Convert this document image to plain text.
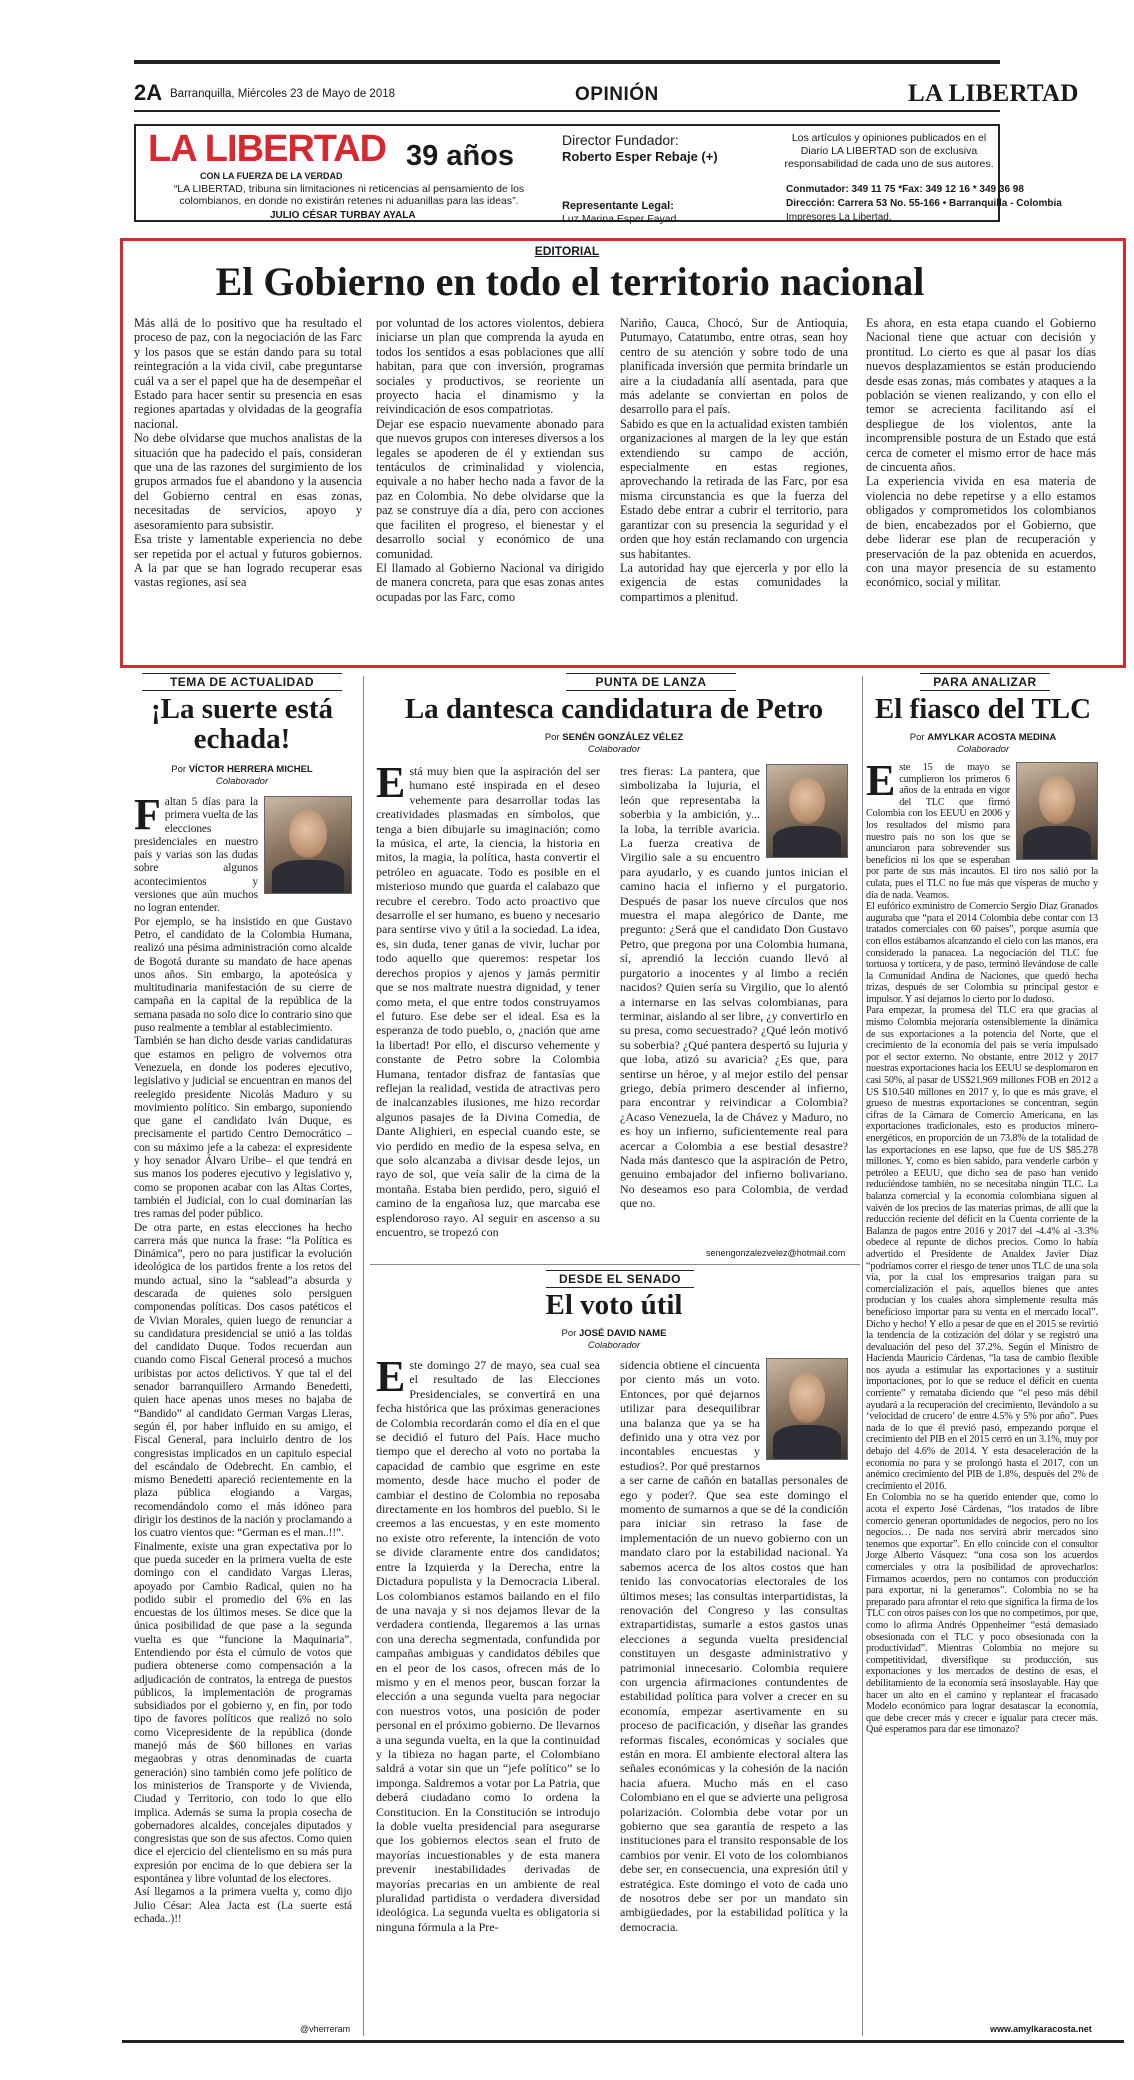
2A Barranquilla, Miércoles 23 de Mayo de 2018	OPINIÓN	LA LIBERTAD
LA LIBERTAD 39 años
CON LA FUERZA DE LA VERDAD
“LA LIBERTAD, tribuna sin limitaciones ni reticencias al pensamiento de los colombianos, en donde no existirán retenes ni aduanillas para las ideas”.
JULIO CÉSAR TURBAY AYALA
Director Fundador:
Roberto Esper Rebaje (+)
Representante Legal:
Luz Marina Esper Fayad
Los artículos y opiniones publicados en el Diario LA LIBERTAD son de exclusiva responsabilidad de cada uno de sus autores.
Conmutador: 349 11 75 *Fax: 349 12 16 * 349 36 98
Dirección: Carrera 53 No. 55-166 • Barranquilla - Colombia
Impresores La Libertad.
EDITORIAL
El Gobierno en todo el territorio nacional

Más allá de lo positivo que ha resultado el proceso de paz, con la negociación de las Farc y los pasos que se están dando para su total reintegración a la vida civil, cabe preguntarse cuál va a ser el papel que ha de desempeñar el Estado para hacer sentir su presencia en esas regiones apartadas y olvidadas de la geografía nacional.

No debe olvidarse que muchos analistas de la situación que ha padecido el país, consideran que una de las razones del surgimiento de los grupos armados fue el abandono y la ausencia del Gobierno central en esas zonas, necesitadas de servicios, apoyo y asesoramiento para subsistir.

Esa triste y lamentable experiencia no debe ser repetida por el actual y futuros gobiernos. A la par que se han logrado recuperar esas vastas regiones, así sea

por voluntad de los actores violentos, debiera iniciarse un plan que comprenda la ayuda en todos los sentidos a esas poblaciones que allí habitan, para que con inversión, programas sociales y productivos, se reoriente un proyecto hacia el dinamismo y la reivindicación de esos compatriotas.

Dejar ese espacio nuevamente abonado para que nuevos grupos con intereses diversos a los legales se apoderen de él y extiendan sus tentáculos de criminalidad y violencia, equivale a no haber hecho nada a favor de la paz en Colombia. No debe olvidarse que la paz se construye día a día, pero con acciones que faciliten el progreso, el bienestar y el desarrollo social y económico de una comunidad.

El llamado al Gobierno Nacional va dirigido de manera concreta, para que esas zonas antes ocupadas por las Farc, como

Nariño, Cauca, Chocó, Sur de Antioquia, Putumayo, Catatumbo, entre otras, sean hoy centro de su atención y sobre todo de una planificada inversión que permita brindarle un aire a la ciudadanía allí asentada, para que más adelante se conviertan en polos de desarrollo para el país.

Sabido es que en la actualidad existen también organizaciones al margen de la ley que están extendiendo su campo de acción, especialmente en estas regiones, aprovechando la retirada de las Farc, por esa misma circunstancia es que la fuerza del Estado debe entrar a cubrir el territorio, para garantizar con su presencia la seguridad y el orden que hoy están reclamando con urgencia sus habitantes.

La autoridad hay que ejercerla y por ello la exigencia de estas comunidades la compartimos a plenitud.

Es ahora, en esta etapa cuando el Gobierno Nacional tiene que actuar con decisión y prontitud. Lo cierto es que al pasar los días nuevos desplazamientos se están produciendo desde esas zonas, más combates y ataques a la población se vienen realizando, y con ello el temor se acrecienta facilitando así el despliegue de los violentos, ante la incomprensible postura de un Estado que está cerca de cometer el mismo error de hace más de cincuenta años.

La experiencia vivida en esa materia de violencia no debe repetirse y a ello estamos obligados y comprometidos los colombianos de bien, encabezados por el Gobierno, que debe liderar ese plan de recuperación y preservación de la paz obtenida en acuerdos, con una mayor presencia de su estamento económico, social y militar.

TEMA DE ACTUALIDAD
¡La suerte está echada!
Por VÍCTOR HERRERA MICHEL
Colaborador

Faltan 5 días para la primera vuelta de las elecciones presidenciales en nuestro país y varias son las dudas sobre algunos acontecimientos y versiones que aún muchos no logran entender.

Por ejemplo, se ha insistido en que Gustavo Petro, el candidato de la Colombia Humana, realizó una pésima administración como alcalde de Bogotá durante su mandato de hace apenas unos años. Sin embargo, la apoteósica y multitudinaria manifestación de su cierre de campaña en la capital de la república de la semana pasada no solo dice lo contrario sino que puso realmente a temblar al establecimiento.

También se han dicho desde varias candidaturas que estamos en peligro de volvernos otra Venezuela, en donde los poderes ejecutivo, legislativo y judicial se encuentran en manos del reelegido presidente Nicolás Maduro y su movimiento político. Sin embargo, suponiendo que gane el candidato Iván Duque, es precisamente el partido Centro Democrático –con su máximo jefe a la cabeza: el expresidente y hoy senador Álvaro Uribe– el que tendrá en sus manos los poderes ejecutivo y legislativo y, como se proponen acabar con las Altas Cortes, también el Judicial, con lo cual dominarían las tres ramas del poder público.

De otra parte, en estas elecciones ha hecho carrera más que nunca la frase: “la Política es Dinámica”, pero no para justificar la evolución ideológica de los partidos frente a los retos del mundo actual, sino la “sablead”a absurda y descarada de quienes solo persiguen componendas políticas. Dos casos patéticos el de Vivian Morales, quien luego de renunciar a su candidatura presidencial se unió a las toldas del candidato Duque. Todos recuerdan aun cuando como Fiscal General procesó a muchos uribistas por actos delictivos. Y que tal el del senador barranquillero Armando Benedetti, quien hace apenas unos meses no bajaba de “Bandido” al candidato German Vargas Lleras, según él, por haber influido en su amigo, el Fiscal General, para incluirlo dentro de los congresistas implicados en un capitulo especial del escándalo de Odebrecht. En cambio, el mismo Benedetti apareció recientemente en la plaza pública elogiando a Vargas, recomendándolo como el más idóneo para dirigir los destinos de la nación y proclamando a los cuatro vientos que: “German es el man..!!”.

Finalmente, existe una gran expectativa por lo que pueda suceder en la primera vuelta de este domingo con el candidato Vargas Lleras, apoyado por Cambio Radical, quien no ha podido subir el promedio del 6% en las encuestas de los últimos meses. Se dice que la única posibilidad de que pase a la segunda vuelta es que “funcione la Maquinaria”. Entendiendo por ésta el cúmulo de votos que pudiera obtenerse como compensación a la adjudicación de contratos, la entrega de puestos públicos, la implementación de programas subsidiados por el gobierno y, en fin, por todo tipo de favores políticos que realizó no solo como Vicepresidente de la república (donde manejó más de $60 billones en varias megaobras y otras denominadas de cuarta generación) sino también como jefe político de los ministerios de Transporte y de Vivienda, Ciudad y Territorio, con todo lo que ello implica. Además se suma la propia cosecha de gobernadores alcaldes, concejales diputados y congresistas que son de sus afectos. Como quien dice el ejercicio del clientelismo en su más pura expresión por encima de lo que debiera ser la espontánea y libre voluntad de los electores.

Así llegamos a la primera vuelta y, como dijo Julio César: Alea Jacta est (La suerte está echada..)!!

@vherreram
PUNTA DE LANZA
La dantesca candidatura de Petro
Por SENÉN GONZÁLEZ VÉLEZ
Colaborador

Está muy bien que la aspiración del ser humano esté inspirada en el deseo vehemente para desarrollar todas las creatividades plasmadas en símbolos, que tenga a bien dibujarle su imaginación; como la música, el arte, la ciencia, la historia en mitos, la magia, la política, hasta convertir el petróleo en aguacate. Todo es posible en el misterioso mundo que guarda el calabazo que recubre el cerebro. Todo acto proactivo que desarrolle el ser humano, es bueno y necesario para sentirse vivo y útil a la sociedad. La idea, es, sin duda, tener ganas de vivir, luchar por todo aquello que queremos: respetar los derechos propios y ajenos y jamás permitir que se nos maltrate nuestra dignidad, y tener como meta, el que entre todos construyamos el futuro. Ese debe ser el ideal. Esa es la esperanza de todo pueblo, o, ¿nación que ame la libertad! Por ello, el discurso vehemente y constante de Petro sobre la Colombia Humana, tentador disfraz de fantasías que reflejan la realidad, vestida de atractivas pero de inalcanzables ilusiones, me hizo recordar algunos pasajes de la Divina Comedia, de Dante Alighieri, en especial cuando este, se vio perdido en medio de la espesa selva, en que solo alcanzaba a divisar desde lejos, un rayo de sol, que veía salir de la cima de la montaña. Estaba bien perdido, pero, siguió el camino de la engañosa luz, que marcaba ese esplendoroso rayo. Al seguir en ascenso a su encuentro, se tropezó con

tres fieras: La pantera, que simbolizaba la lujuria, el león que representaba la soberbia y la ambición, y... la loba, la terrible avaricia. La fuerza creativa de Virgilio sale a su encuentro para ayudarlo, y es cuando juntos inician el camino hacia el infierno y el purgatorio. Después de pasar los nueve círculos que nos muestra el mapa alegórico de Dante, me pregunto: ¿Será que el candidato Don Gustavo Petro, que pregona por una Colombia humana, sí, aprendió la lección cuando llevó al purgatorio a inocentes y al limbo a recién nacidos? Quien sería su Virgilio, que lo alentó a internarse en las selvas colombianas, para terminar, aislando al ser libre, ¿y convertirlo en su presa, como secuestrado? ¿Qué león motivó su soberbia? ¿Qué pantera despertó su lujuria y que loba, atizó su avaricia? ¿Es que, para sentirse un héroe, y al mejor estilo del pensar griego, debía primero descender al infierno, para encontrar y reivindicar a Colombia? ¿Acaso Venezuela, la de Chávez y Maduro, no es hoy un infierno, suficientemente real para acercar a Colombia a ese bestial desastre? Nada más dantesco que la aspiración de Petro, genuino embajador del infierno bolivariano. No deseamos eso para Colombia, de verdad que no.

senengonzalezvelez@hotmail.com
DESDE EL SENADO
El voto útil
Por JOSÉ DAVID NAME
Colaborador

Este domingo 27 de mayo, sea cual sea el resultado de las Elecciones Presidenciales, se convertirá en una fecha histórica que las próximas generaciones de Colombia recordarán como el día en el que se decidió el futuro del País. Hace mucho tiempo que el derecho al voto no portaba la capacidad de cambio que esgrime en este momento, desde hace mucho el poder de cambiar el destino de Colombia no reposaba directamente en los hombros del pueblo. Si le creemos a las encuestas, y en este momento no existe otro referente, la intención de voto se divide claramente entre dos candidatos; entre la Izquierda y la Derecha, entre la Dictadura populista y la Democracia Liberal. Los colombianos estamos bailando en el filo de una navaja y si nos dejamos llevar de la verdadera contienda, llegaremos a las urnas con una derecha segmentada, confundida por campañas ambiguas y candidatos débiles que en el peor de los casos, ofrecen más de lo mismo y en el menos peor, buscan forzar la elección a una segunda vuelta para negociar con nuestros votos, una posición de poder personal en el próximo gobierno. De llevarnos a una segunda vuelta, en la que la continuidad y la tibieza no hagan parte, el Colombiano saldrá a votar sin que un “jefe político” se lo imponga. Saldremos a votar por La Patria, que deberá ciudadano como lo ordena la Constitucion. En la Constitución se introdujo la doble vuelta presidencial para asegurarse que los gobiernos electos sean el fruto de mayorías incuestionables y de esta manera prevenir inestabilidades derivadas de mayorías precarias en un ambiente de real pluralidad partidista o verdadera diversidad ideológica. La segunda vuelta es obligatoria si ninguna fórmula a la Pre-

sidencia obtiene el cincuenta por ciento más un voto. Entonces, por qué dejarnos utilizar para desequilibrar una balanza que ya se ha definido una y otra vez por incontables encuestas y estudios?. Por qué prestarnos a ser carne de cañón en batallas personales de ego y poder?. Que sea este domingo el momento de sumarnos a que se dé la condición para iniciar sin retraso la fase de implementación de un nuevo gobierno con un mandato claro por la estabilidad nacional. Ya sabemos acerca de los altos costos que han tenido las convocatorias electorales de los últimos meses; las consultas interpartidistas, la renovación del Congreso y las consultas extrapartidistas, sumarle a estos gastos unas elecciones a segunda vuelta presidencial constituyen un desgaste administrativo y patrimonial innecesario. Colombia requiere con urgencia afirmaciones contundentes de estabilidad política para volver a crecer en su economía, empezar asertivamente en su proceso de pacificación, y diseñar las grandes reformas fiscales, económicas y sociales que están en mora. El ambiente electoral altera las señales económicas y la cohesión de la nación hacia afuera. Mucho más en el caso Colombiano en el que se advierte una peligrosa polarización. Colombia debe votar por un gobierno que sea garantía de respeto a las instituciones para el transito responsable de los cambios por venir. El voto de los colombianos debe ser, en consecuencia, una expresión útil y estratégica. Este domingo el voto de cada uno de nosotros debe ser por un mandato sin ambigüedades, por la estabilidad política y la democracia.

PARA ANALIZAR
El fiasco del TLC
Por AMYLKAR ACOSTA MEDINA
Colaborador

Este 15 de mayo se cumplieron los primeros 6 años de la entrada en vigor del TLC que firmó Colombia con los EEUU en 2006 y los resultados del mismo para nuestro país no son los que se anunciaron para sobrevender sus beneficios ni los que se esperaban por parte de sus más incautos. El tiro nos salió por la culata, pues el TLC no fue más que vísperas de mucho y día de nada. Veamos.

El eufórico exministro de Comercio Sergio Díaz Granados auguraba que “para el 2014 Colombia debe contar con 13 tratados comerciales con 60 países”, porque asumía que con ellos estábamos alcanzando el cielo con las manos, era considerado la panacea. La negociación del TLC fue tortuosa y tortícera, y de paso, terminó llevándose de calle la Comunidad Andina de Naciones, que quedó hecha trizas, después de ser Colombia su principal gestor e impulsor. Y así dejamos lo cierto por lo dudoso.

Para empezar, la promesa del TLC era que gracias al mismo Colombia mejoraría ostensiblemente la dinámica de sus exportaciones a la potencia del Norte, que el crecimiento de la economía del país se vería impulsado por el sector externo. No obstante, entre 2012 y 2017 nuestras exportaciones hacia los EEUU se desplomaron en casi 50%, al pasar de US$21.969 millones FOB en 2012 a US $10.540 millones en 2017 y, lo que es más grave, el grueso de nuestras exportaciones se concentran, según cifras de la Cámara de Comercio Americana, en las exportaciones tradicionales, esto es productos minero-energéticos, en proporción de un 73.8% de la totalidad de las exportaciones en ese lapso, que fue de US $85.278 millones. Y, como es bien sabido, para venderle carbón y petróleo a EEUU, que dicho sea de paso han venido reduciéndose también, no se necesitaba ningún TLC. La balanza comercial y la economía colombiana siguen al vaivén de los precios de las materias primas, de allí que la reducción reciente del déficit en la Cuenta corriente de la Balanza de pagos entre 2016 y 2017 del -4.4% al -3.3% obedece al repunte de dichos precios. Como lo había advertido el Presidente de Analdex Javier Díaz “podríamos correr el riesgo de tener unos TLC de una sola vía, por la cual los empresarios traigan para su comercialización el país, aquellos bienes que antes producían y los cuales ahora simplemente resulta más beneficioso importar para su venta en el mercado local”. Dicho y hecho! Y ello a pesar de que en el 2015 se revirtió la tendencia de la cotización del dólar y se registró una devaluación del peso del 37.2%. Según el Ministro de Hacienda Mauricio Cárdenas, “la tasa de cambio flexible nos ayuda a estimular las exportaciones y a sustituir importaciones, por lo que se reduce el déficit en cuenta corriente” y remataba diciendo que “el peso más débil ayudará a la recuperación del crecimiento, llevándolo a su ‘velocidad de crucero’ de entre 4.5% y 5% por año”. Pues nada de lo que él previó pasó, empezando porque el crecimiento del PIB en el 2015 cerró en un 3.1%, muy por debajo del 4.6% de 2014. Y esta desaceleración de la economía no para y se prolongó hasta el 2017, con un anémico crecimiento del PIB de 1.8%, después del 2% de crecimiento el 2016.

En Colombia no se ha querido entender que, como lo acota el experto José Cárdenas, “los tratados de libre comercio generan oportunidades de negocios, pero no los negocios… De nada nos servirá abrir mercados sino tenemos que exportar”. En ello coincide con el consultor Jorge Alberto Vásquez: “una cosa son los acuerdos comerciales y otra la posibilidad de aprovecharlos: Firmamos acuerdos, pero no contamos con producción para exportar, ni la generamos”. Colombia no se ha preparado para afrontar el reto que significa la firma de los TLC con otros países con los que no competimos, por que, como lo afirma Andrés Oppenheimer “está demasiado obsesionada con el TLC y poco obsesionada con la productividad”. Mientras Colombia no mejore su competitividad, diversifique su producción, sus exportaciones y los mercados de destino de esas, el debilitamiento de la economía será insoslayable. Hay que hacer un alto en el camino y replantear el fracasado Modelo económico para lograr desatascar la economía, que debe crecer más y crecer e igualar para crecer más. Qué esperamos para dar ese timonazo?

www.amylkaracosta.net
